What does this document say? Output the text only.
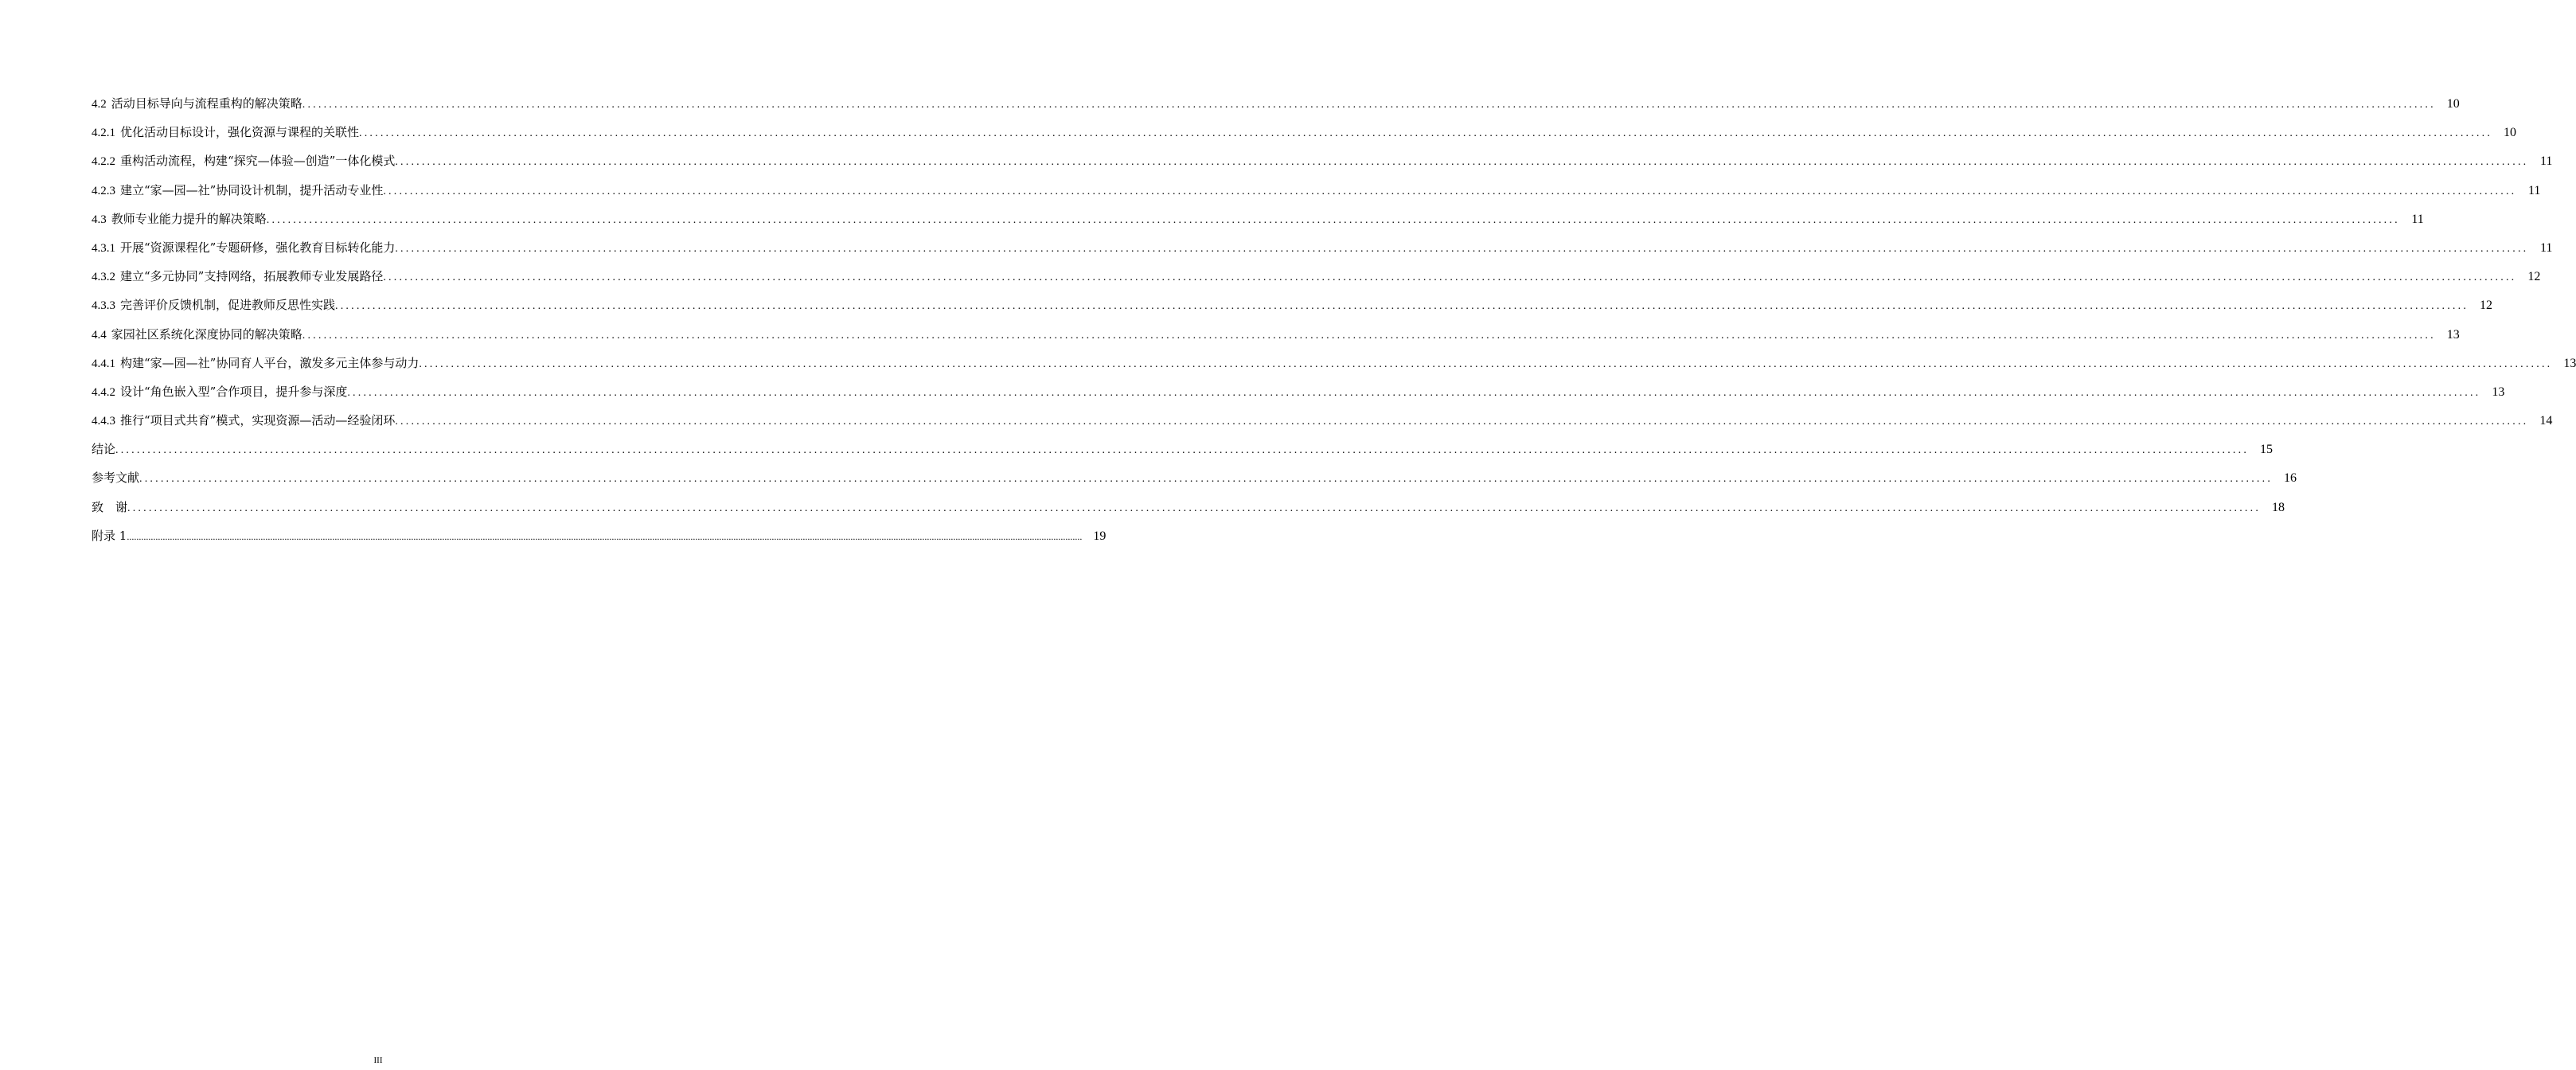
4.2 活动目标导向与流程重构的解决策略 ................................................................................................................................................................................................................................................................................................................................................................................................................ 10
4.2.1 优化活动目标设计，强化资源与课程的关联性 ................................................................................................................................................................................................................................................................................................................................................................................................................ 10
4.2.2 重构活动流程，构建“探究—体验—创造”一体化模式 ................................................................................................................................................................................................................................................................................................................................................................................................................ 11
4.2.3 建立“家—园—社”协同设计机制，提升活动专业性 ................................................................................................................................................................................................................................................................................................................................................................................................................ 11
4.3 教师专业能力提升的解决策略 ................................................................................................................................................................................................................................................................................................................................................................................................................ 11
4.3.1 开展“资源课程化”专题研修，强化教育目标转化能力 ................................................................................................................................................................................................................................................................................................................................................................................................................ 11
4.3.2 建立“多元协同”支持网络，拓展教师专业发展路径 ................................................................................................................................................................................................................................................................................................................................................................................................................ 12
4.3.3 完善评价反馈机制，促进教师反思性实践 ................................................................................................................................................................................................................................................................................................................................................................................................................ 12
4.4 家园社区系统化深度协同的解决策略 ................................................................................................................................................................................................................................................................................................................................................................................................................ 13
4.4.1 构建“家—园—社”协同育人平台，激发多元主体参与动力 ................................................................................................................................................................................................................................................................................................................................................................................................................ 13
4.4.2 设计“角色嵌入型”合作项目，提升参与深度 ................................................................................................................................................................................................................................................................................................................................................................................................................ 13
4.4.3 推行“项目式共育”模式，实现资源—活动—经验闭环 ................................................................................................................................................................................................................................................................................................................................................................................................................ 14
结论 ................................................................................................................................................................................................................................................................................................................................................................................................................ 15
参考文献 ................................................................................................................................................................................................................................................................................................................................................................................................................ 16
致　谢 ................................................................................................................................................................................................................................................................................................................................................................................................................ 18
附录 1 ................................................................................................................................................................................................................................................................................................................................................................................................................ 19
III
